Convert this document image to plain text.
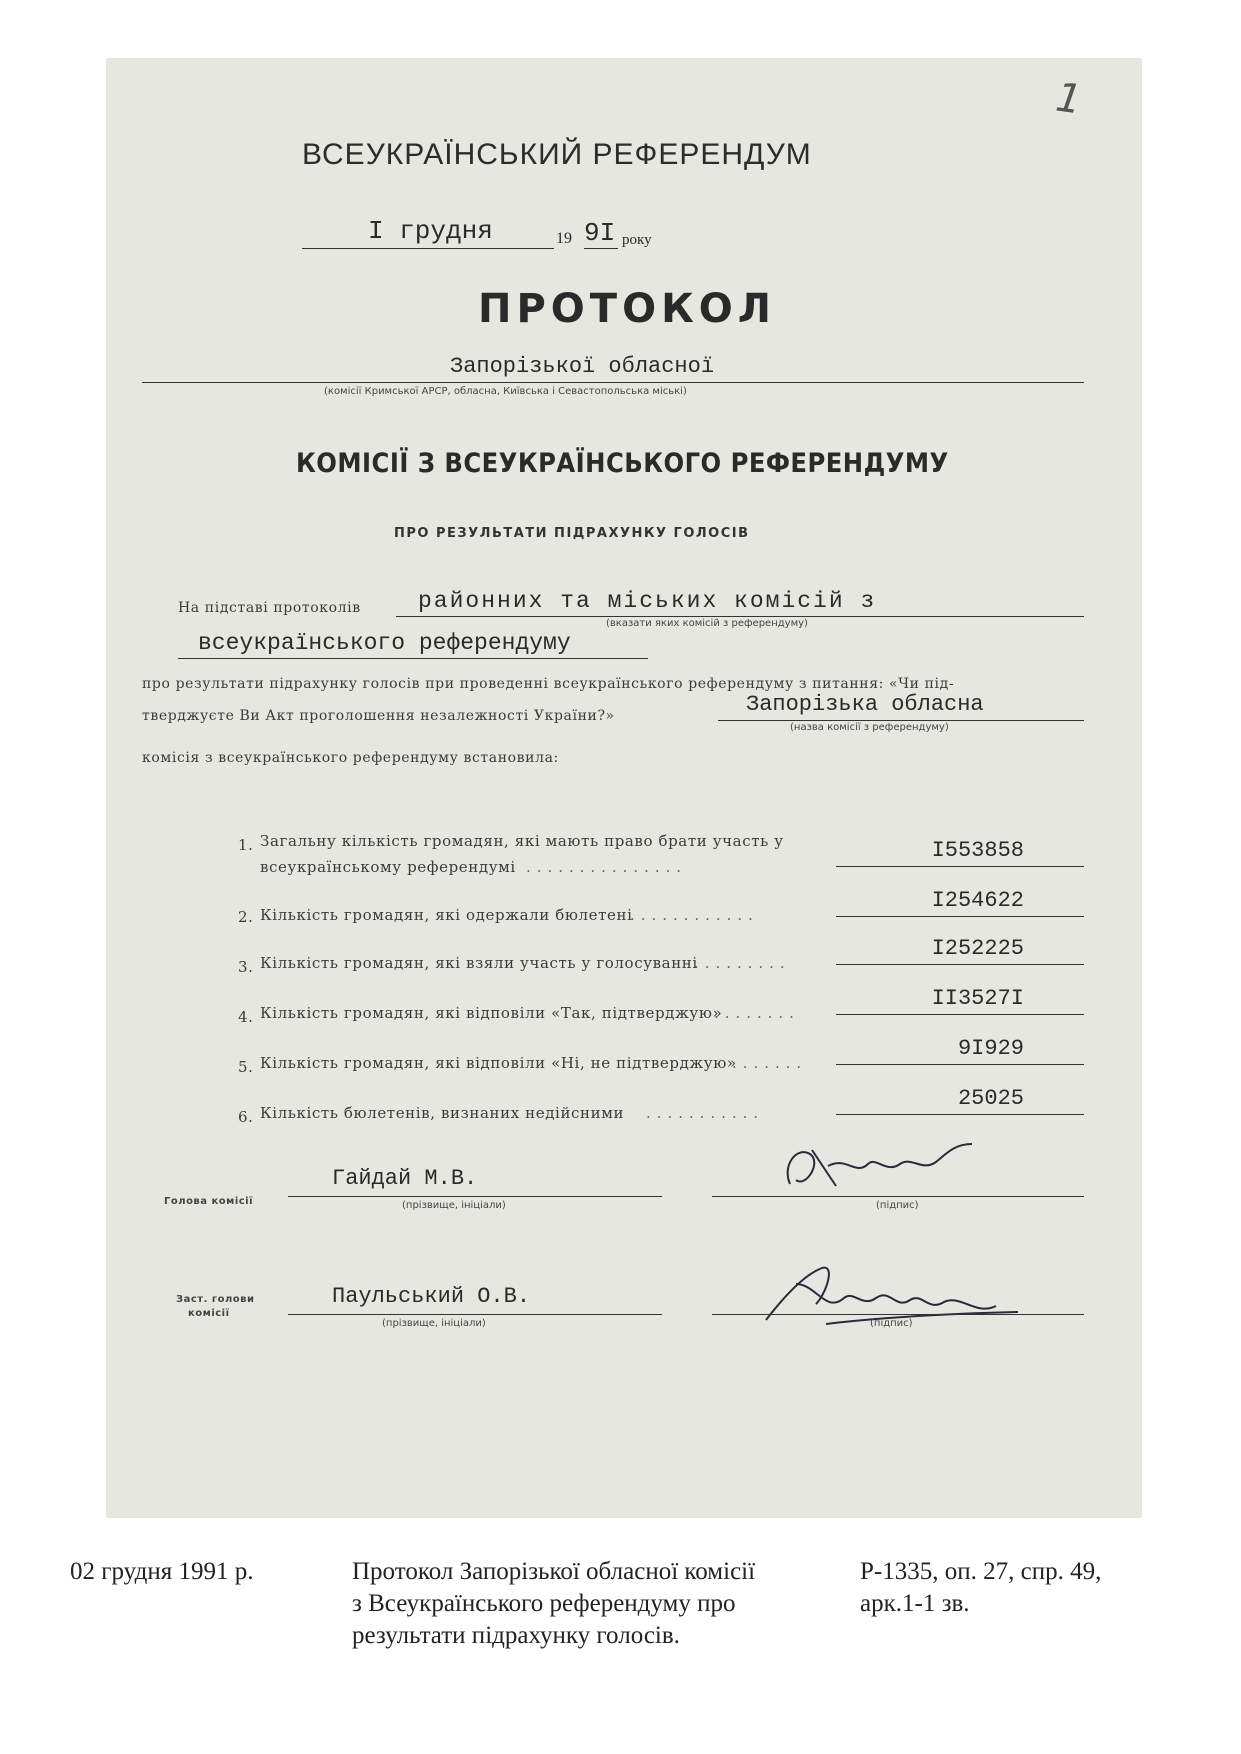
1
ВСЕУКРАЇНСЬКИЙ РЕФЕРЕНДУМ
I грудня	19 9I року
ПРОТОКОЛ
Запорізької обласної
(комісії Кримської АРСР, обласна, Київська і Севастопольська міські)
КОМІСІЇ З ВСЕУКРАЇНСЬКОГО РЕФЕРЕНДУМУ
ПРО РЕЗУЛЬТАТИ ПІДРАХУНКУ ГОЛОСІВ
На підставі протоколів районних та міських комісій з
(вказати яких комісій з референдуму)
всеукраїнського референдуму
про результати підрахунку голосів при проведенні всеукраїнського референдуму з питання: «Чи під-
тверджуєте Ви Акт проголошення незалежності України?»	Запорізька обласна
(назва комісії з референдуму)
комісія з всеукраїнського референдуму встановила:
1. Загальну кількість громадян, які мають право брати участь у
всеукраїнському референдумі . . . . . . . . . . . . . . .
I553858
2. Кількість громадян, які одержали бюлетені
. . . . . . . . . . . .
I254622
3. Кількість громадян, які взяли участь у голосуванні
. . . . . . . . .
I252225
4. Кількість громадян, які відповіли «Так, підтверджую»
. . . . . . . .
II3527I
5. Кількість громадян, які відповіли «Ні, не підтверджую»
. . . . . . .
9I929
6. Кількість бюлетенів, визнаних недійсними . . . . . . . . . . .
25025
Голова комісії
Гайдай М.В.
(прізвище, ініціали)	(підпис)
Заст. голови
комісії
Паульський О.В.
(прізвище, ініціали)	(підпис)
02 грудня 1991 р.	Протокол Запорізької обласної комісії
з Всеукраїнського референдуму про
результати підрахунку голосів.
Р-1335, оп. 27, спр. 49,
арк.1-1 зв.
